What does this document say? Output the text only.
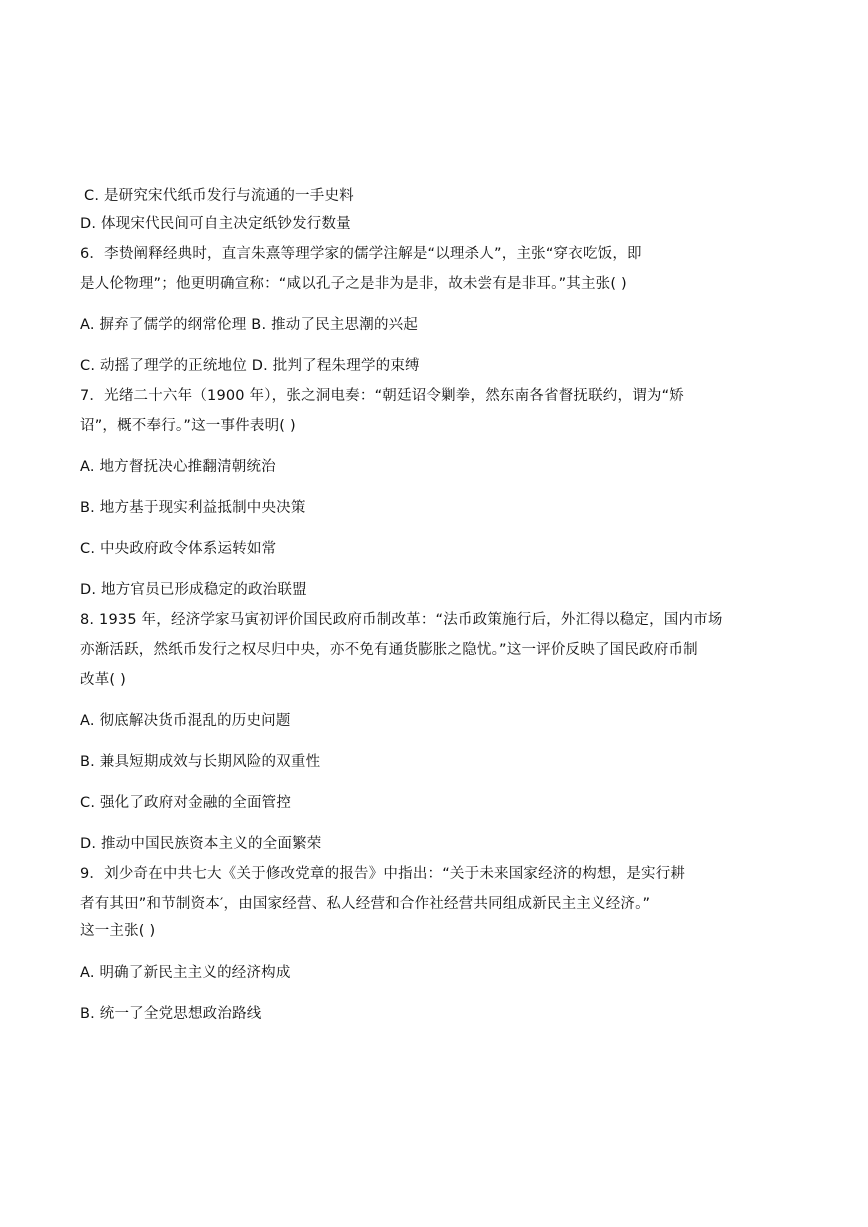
C. 是研究宋代纸币发行与流通的一手史料
D. 体现宋代民间可自主决定纸钞发行数量
6．李贽阐释经典时，直言朱熹等理学家的儒学注解是“以理杀人”，主张“穿衣吃饭，即
是人伦物理”；他更明确宣称：“咸以孔子之是非为是非，故未尝有是非耳。”其主张( )
A. 摒弃了儒学的纲常伦理 B. 推动了民主思潮的兴起
C. 动摇了理学的正统地位 D. 批判了程朱理学的束缚
7．光绪二十六年（1900 年），张之洞电奏：“朝廷诏令剿拳，然东南各省督抚联约，谓为“矫
诏”，概不奉行。”这一事件表明( )
A. 地方督抚决心推翻清朝统治
B. 地方基于现实利益抵制中央决策
C. 中央政府政令体系运转如常
D. 地方官员已形成稳定的政治联盟
8. 1935 年，经济学家马寅初评价国民政府币制改革：“法币政策施行后，外汇得以稳定，国内市场
亦渐活跃，然纸币发行之权尽归中央，亦不免有通货膨胀之隐忧。”这一评价反映了国民政府币制
改革( )
A. 彻底解决货币混乱的历史问题
B. 兼具短期成效与长期风险的双重性
C. 强化了政府对金融的全面管控
D. 推动中国民族资本主义的全面繁荣
9．刘少奇在中共七大《关于修改党章的报告》中指出：“关于未来国家经济的构想，是实行耕
者有其田”和节制资本′，由国家经营、私人经营和合作社经营共同组成新民主主义经济。”
这一主张( )
A. 明确了新民主主义的经济构成
B. 统一了全党思想政治路线
